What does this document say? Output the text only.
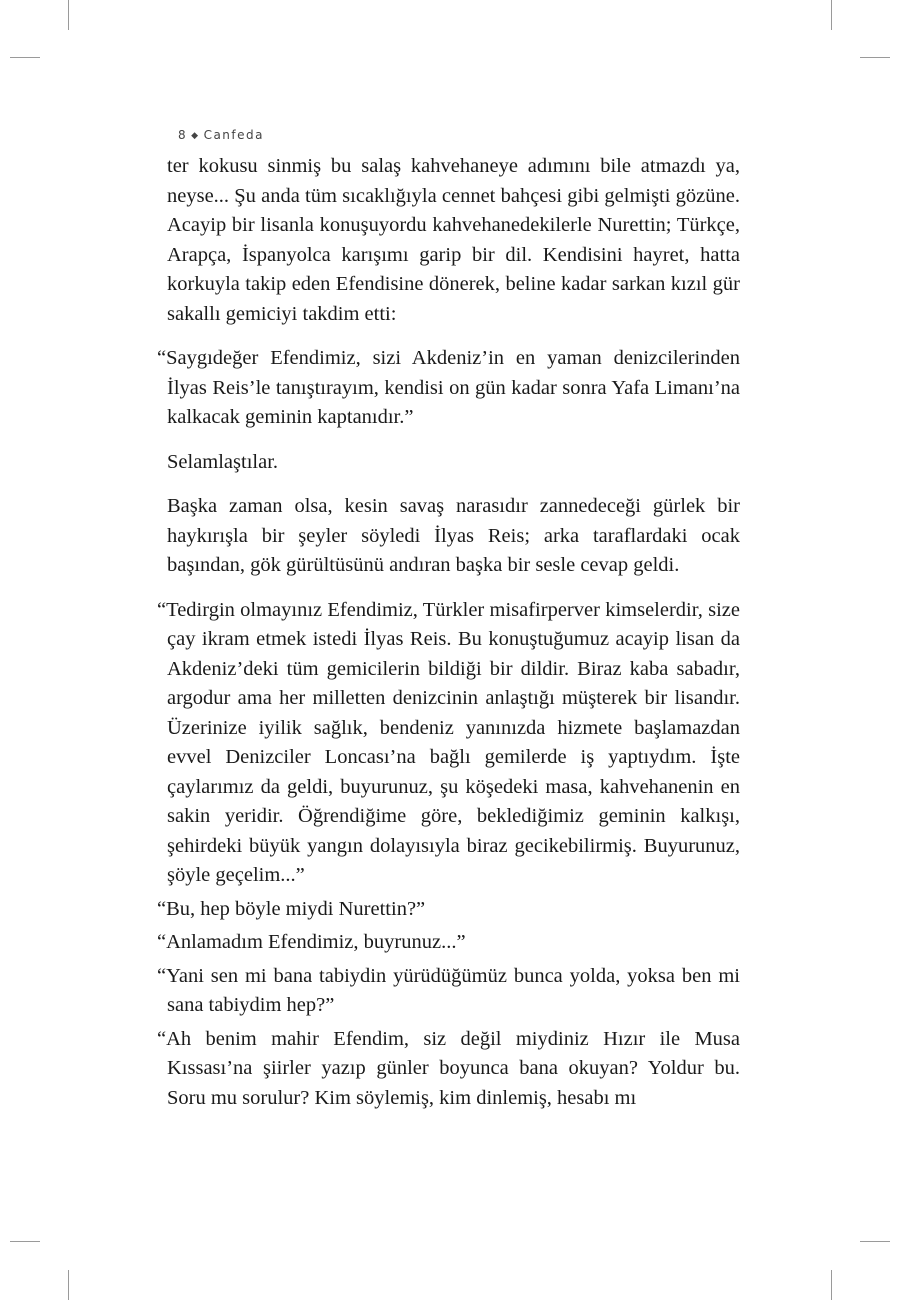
8 ◆ Canfeda

ter kokusu sinmiş bu salaş kahvehaneye adımını bile atmazdı ya, neyse... Şu anda tüm sıcaklığıyla cennet bahçesi gibi gelmişti gözüne. Acayip bir lisanla konuşuyordu kahvehanedekilerle Nurettin; Türkçe, Arapça, İspanyolca karışımı garip bir dil. Kendisini hayret, hatta korkuyla takip eden Efendisine dönerek, beline kadar sarkan kızıl gür sakallı gemiciyi takdim etti:

“Saygıdeğer Efendimiz, sizi Akdeniz’in en yaman denizcilerinden İlyas Reis’le tanıştırayım, kendisi on gün kadar sonra Yafa Limanı’na kalkacak geminin kaptanıdır.”

Selamlaştılar.

Başka zaman olsa, kesin savaş narasıdır zannedeceği gürlek bir haykırışla bir şeyler söyledi İlyas Reis; arka taraflardaki ocak başından, gök gürültüsünü andıran başka bir sesle cevap geldi.

“Tedirgin olmayınız Efendimiz, Türkler misafirperver kimselerdir, size çay ikram etmek istedi İlyas Reis. Bu konuştuğumuz acayip lisan da Akdeniz’deki tüm gemicilerin bildiği bir dildir. Biraz kaba sabadır, argodur ama her milletten denizcinin anlaştığı müşterek bir lisandır. Üzerinize iyilik sağlık, bendeniz yanınızda hizmete başlamazdan evvel Denizciler Loncası’na bağlı gemilerde iş yaptıydım. İşte çaylarımız da geldi, buyurunuz, şu köşedeki masa, kahvehanenin en sakin yeridir. Öğrendiğime göre, beklediğimiz geminin kalkışı, şehirdeki büyük yangın dolayısıyla biraz gecikebilirmiş. Buyurunuz, şöyle geçelim...”

“Bu, hep böyle miydi Nurettin?”

“Anlamadım Efendimiz, buyrunuz...”

“Yani sen mi bana tabiydin yürüdüğümüz bunca yolda, yoksa ben mi sana tabiydim hep?”

“Ah benim mahir Efendim, siz değil miydiniz Hızır ile Musa Kıssası’na şiirler yazıp günler boyunca bana okuyan? Yoldur bu. Soru mu sorulur? Kim söylemiş, kim dinlemiş, hesabı mı
